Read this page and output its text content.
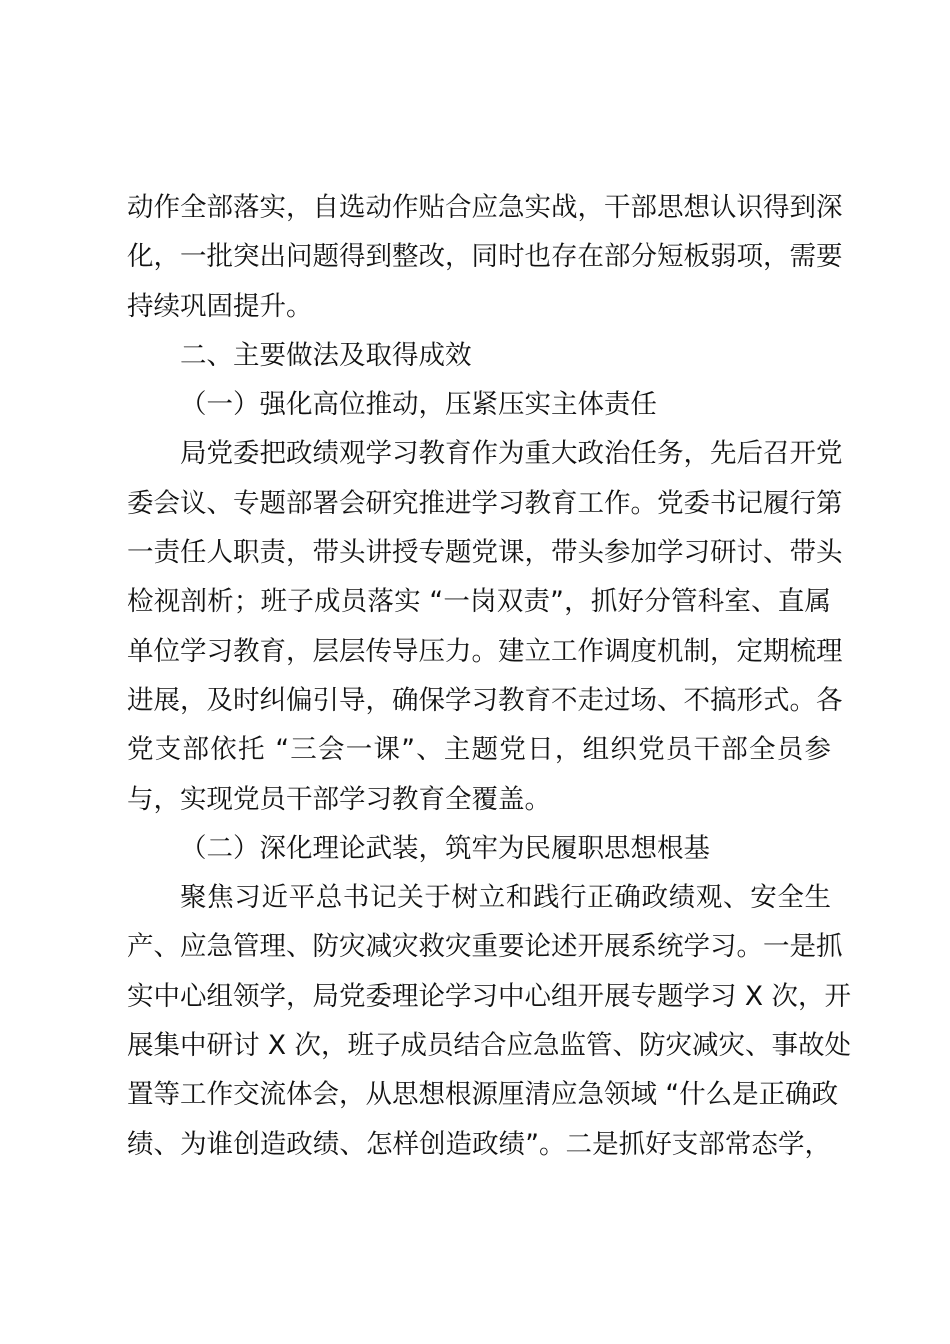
动作全部落实，自选动作贴合应急实战，干部思想认识得到深
化，一批突出问题得到整改，同时也存在部分短板弱项，需要
持续巩固提升。
二、主要做法及取得成效
（一）强化高位推动，压紧压实主体责任
局党委把政绩观学习教育作为重大政治任务，先后召开党
委会议、专题部署会研究推进学习教育工作。党委书记履行第
一责任人职责，带头讲授专题党课，带头参加学习研讨、带头
检视剖析；班子成员落实 “一岗双责”，抓好分管科室、直属
单位学习教育，层层传导压力。建立工作调度机制，定期梳理
进展，及时纠偏引导，确保学习教育不走过场、不搞形式。各
党支部依托 “三会一课”、主题党日，组织党员干部全员参
与，实现党员干部学习教育全覆盖。
（二）深化理论武装，筑牢为民履职思想根基
聚焦习近平总书记关于树立和践行正确政绩观、安全生
产、应急管理、防灾减灾救灾重要论述开展系统学习。一是抓
实中心组领学，局党委理论学习中心组开展专题学习 X 次，开
展集中研讨 X 次，班子成员结合应急监管、防灾减灾、事故处
置等工作交流体会，从思想根源厘清应急领域 “什么是正确政
绩、为谁创造政绩、怎样创造政绩”。二是抓好支部常态学，
